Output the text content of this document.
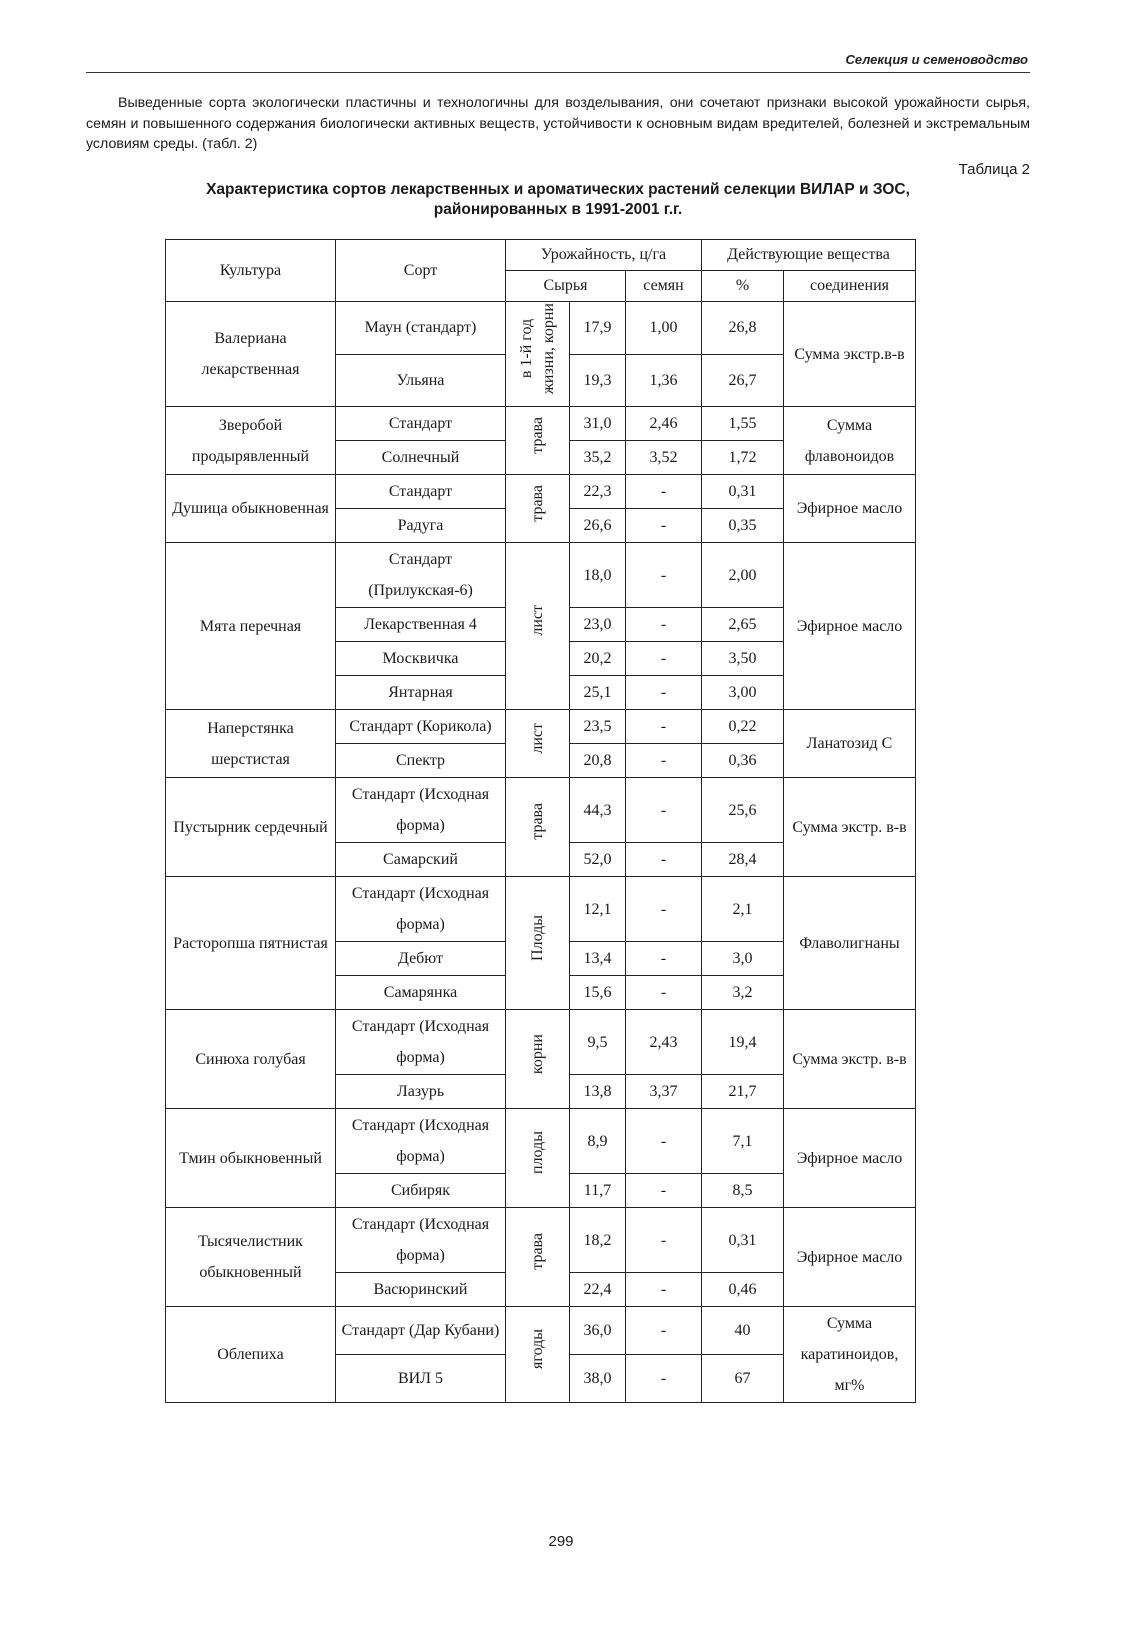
Селекция и семеноводство

Выведенные сорта экологически пластичны и технологичны для возделывания, они сочетают признаки высокой урожайности сырья, семян и повышенного содержания биологически активных веществ, устойчивости к основным видам вредителей, болезней и экстремальным условиям среды. (табл. 2)

Таблица 2
Характеристика сортов лекарственных и ароматических растений селекции ВИЛАР и ЗОС,
районированных в 1991-2001 г.г.
Культура	Сорт	Урожайность, ц/га			Действующие вещества	
		Сырья		семян	%	соединения
Валериана лекарственная	Маун (стандарт)	в 1-й год
жизни, корни	17,9	1,00	26,8	Сумма экстр.в-в
	Ульяна		19,3	1,36	26,7	
Зверобой продырявленный	Стандарт	трава	31,0	2,46	1,55	Сумма флавоноидов
	Солнечный		35,2	3,52	1,72	
Душица обыкновенная	Стандарт	трава	22,3	-	0,31	Эфирное масло
	Радуга		26,6	-	0,35	
Мята перечная	Стандарт (Прилукская-6)	лист	18,0	-	2,00	Эфирное масло
	Лекарственная 4		23,0	-	2,65	
	Москвичка		20,2	-	3,50	
	Янтарная		25,1	-	3,00	
Наперстянка шерстистая	Стандарт (Корикола)	лист	23,5	-	0,22	Ланатозид С
	Спектр		20,8	-	0,36	
Пустырник сердечный	Стандарт (Исходная форма)	трава	44,3	-	25,6	Сумма экстр. в-в
	Самарский		52,0	-	28,4	
Расторопша пятнистая	Стандарт (Исходная форма)	Плоды	12,1	-	2,1	Флаволигнаны
	Дебют		13,4	-	3,0	
	Самарянка		15,6	-	3,2	
Синюха голубая	Стандарт (Исходная форма)	корни	9,5	2,43	19,4	Сумма экстр. в-в
	Лазурь		13,8	3,37	21,7	
Тмин обыкновенный	Стандарт (Исходная форма)	плоды	8,9	-	7,1	Эфирное масло
	Сибиряк		11,7	-	8,5	
Тысячелистник обыкновенный	Стандарт (Исходная форма)	трава	18,2	-	0,31	Эфирное масло
	Васюринский		22,4	-	0,46	
Облепиха	Стандарт (Дар Кубани)	ягоды	36,0	-	40	Сумма каратиноидов, мг%
	ВИЛ 5		38,0	-	67	
299
